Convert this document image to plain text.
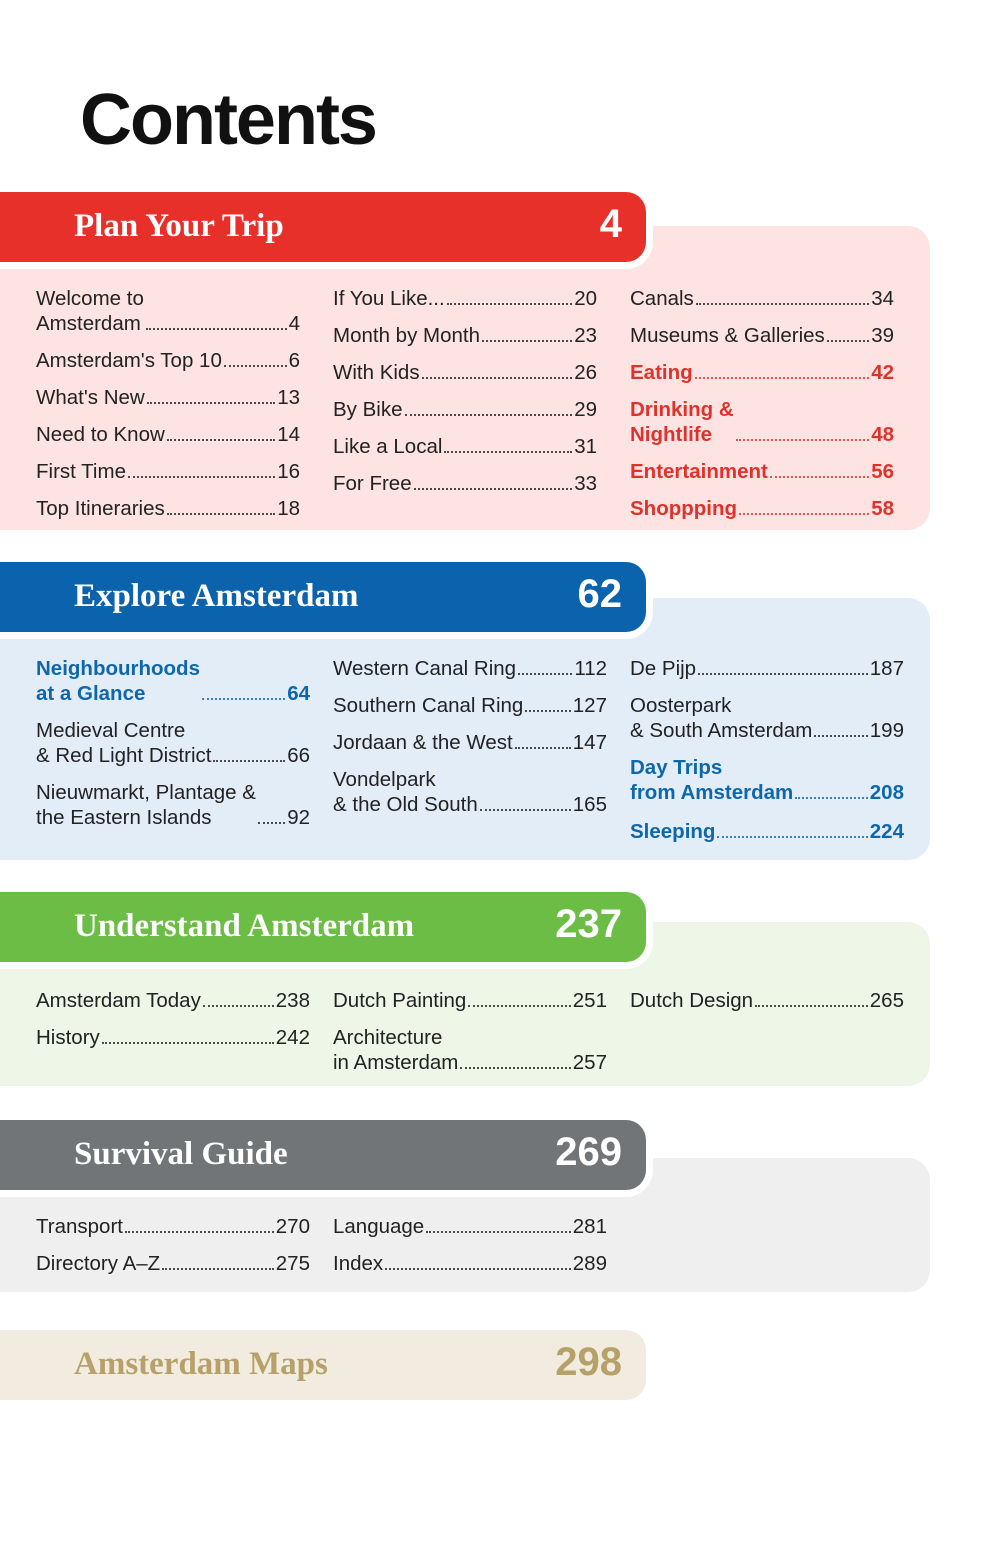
Contents
Plan Your Trip	4
Welcome to
Amsterdam	4
Amsterdam's Top 10	6
What's New	13
Need to Know	14
First Time	16
Top Itineraries	18
If You Like...	20
Month by Month	23
With Kids	26
By Bike	29
Like a Local	31
For Free	33
Canals	34
Museums & Galleries 39
Eating	42
Drinking &
Nightlife	48
Entertainment	56
Shoppping	58
Explore Amsterdam	62
Neighbourhoods
at a Glance	64
Medieval Centre
& Red Light District	66
Nieuwmarkt, Plantage &
the Eastern Islands	92
Western Canal Ring	112
Southern Canal Ring 127
Jordaan & the West	147
Vondelpark
& the Old South	165
De Pijp	187
Oosterpark
& South Amsterdam	199
Day Trips
from Amsterdam	208
Sleeping	224
Understand Amsterdam	237
Amsterdam Today	238
History	242
Dutch Painting	251
Architecture
in Amsterdam	257
Dutch Design	265
Survival Guide	269
Transport	270
Directory A–Z	275
Language	281
Index	289
Amsterdam Maps	298
